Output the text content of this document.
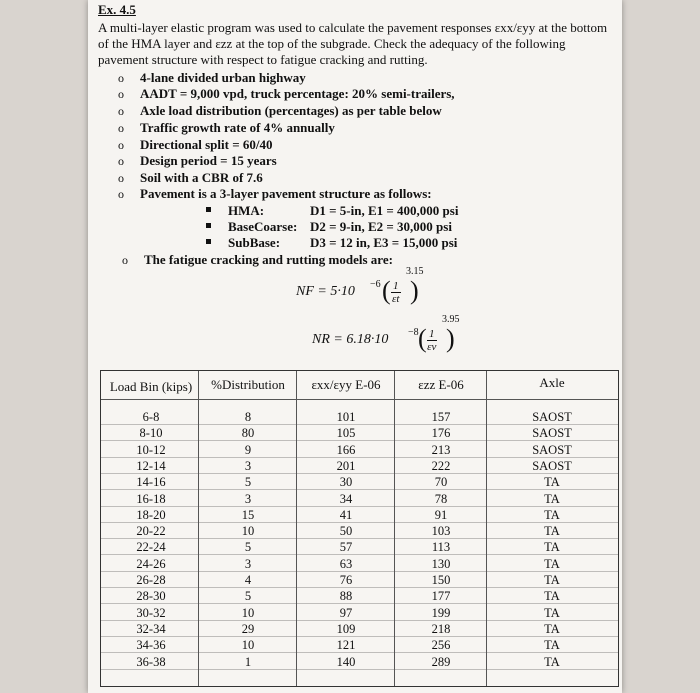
Ex. 4.5
A multi-layer elastic program was used to calculate the pavement responses εxx/εyy at the bottom of the HMA layer and εzz at the top of the subgrade. Check the adequacy of the following pavement structure with respect to fatigue cracking and rutting.
o 4-lane divided urban highway
o AADT = 9,000 vpd, truck percentage: 20% semi-trailers,
o Axle load distribution (percentages) as per table below
o Traffic growth rate of 4% annually
o Directional split = 60/40
o Design period = 15 years
o Soil with a CBR of 7.6
o Pavement is a 3-layer pavement structure as follows:
HMA:	D1 = 5-in, E1 = 400,000 psi
BaseCoarse: D2 = 9-in, E2 = 30,000 psi
SubBase: D3 = 12 in, E3 = 15,000 psi
o The fatigue cracking and rutting models are:
NF = 5·10 −6 ( $\frac{1}{\varepsilon t}$ )
3.15
NR = 6.18·10 −8 ( $\frac{1}{\varepsilon v}$ )
3.95
Load Bin (kips)	%Distribution	εxx/εyy E-06	εzz E-06	Axle
6-8	8	101	157	SAOST
8-10	80	105	176	SAOST
10-12	9	166	213	SAOST
12-14	3	201	222	SAOST
14-16	5	30	70	TA
16-18	3	34	78	TA
18-20	15	41	91	TA
20-22	10	50	103	TA
22-24	5	57	113	TA
24-26	3	63	130	TA
26-28	4	76	150	TA
28-30	5	88	177	TA
30-32	10	97	199	TA
32-34	29	109	218	TA
34-36	10	121	256	TA
36-38	1	140	289	TA
